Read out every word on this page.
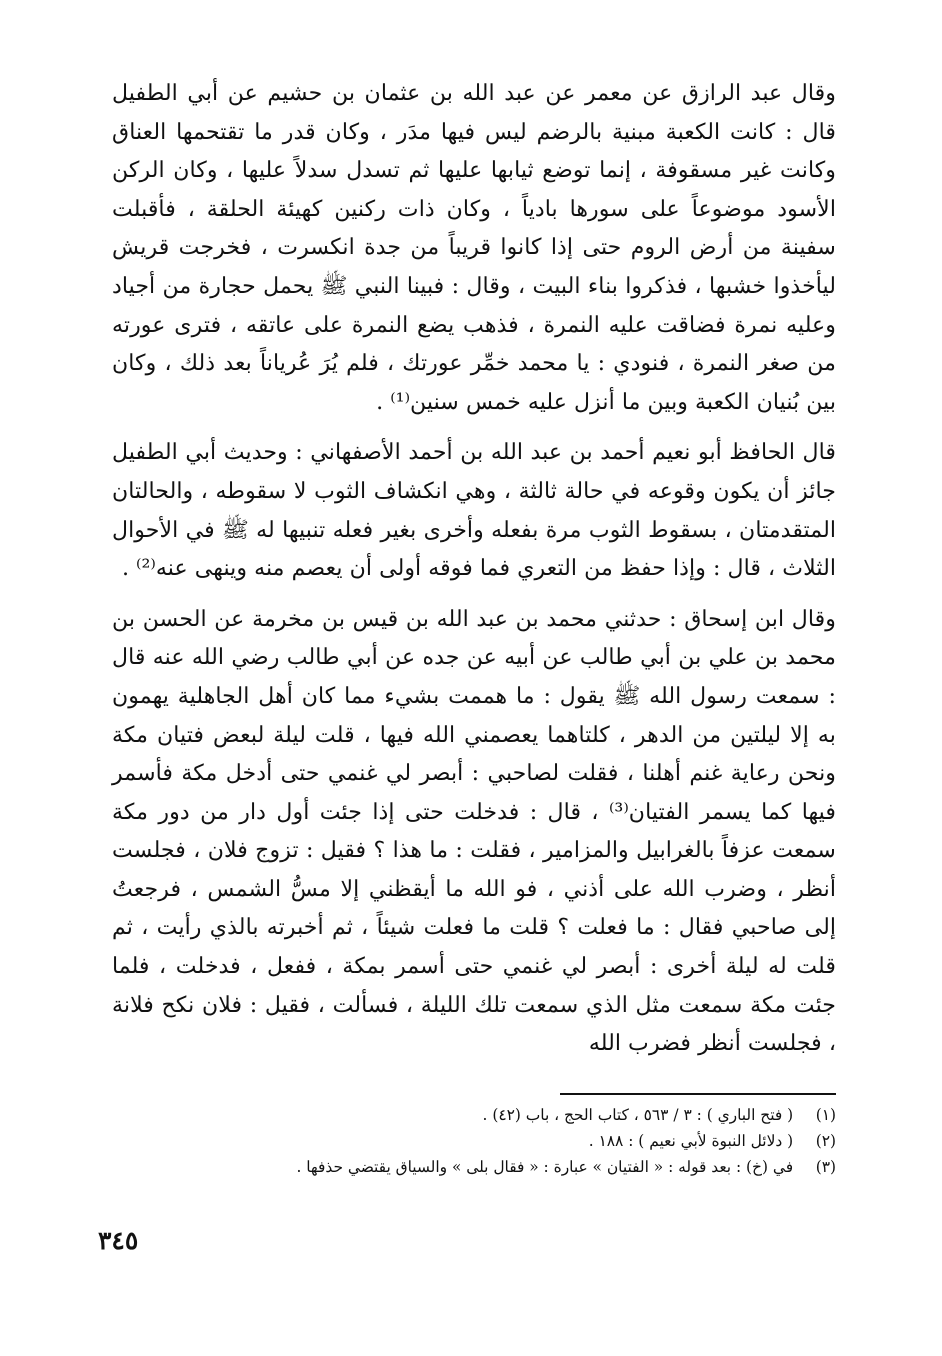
وقال عبد الرازق عن معمر عن عبد الله بن عثمان بن حشيم عن أبي الطفيل قال : كانت الكعبة مبنية بالرضم ليس فيها مدَر ، وكان قدر ما تقتحمها العناق وكانت غير مسقوفة ، إنما توضع ثيابها عليها ثم تسدل سدلاً عليها ، وكان الركن الأسود موضوعاً على سورها بادياً ، وكان ذات ركنين كهيئة الحلقة ، فأقبلت سفينة من أرض الروم حتى إذا كانوا قريباً من جدة انكسرت ، فخرجت قريش ليأخذوا خشبها ، فذكروا بناء البيت ، وقال : فبينا النبي ﷺ يحمل حجارة من أجياد وعليه نمرة فضاقت عليه النمرة ، فذهب يضع النمرة على عاتقه ، فترى عورته من صغر النمرة ، فنودي : يا محمد خمِّر عورتك ، فلم يُرَ عُرياناً بعد ذلك ، وكان بين بُنيان الكعبة وبين ما أنزل عليه خمس سنين⁽¹⁾ .

قال الحافظ أبو نعيم أحمد بن عبد الله بن أحمد الأصفهاني : وحديث أبي الطفيل جائز أن يكون وقوعه في حالة ثالثة ، وهي انكشاف الثوب لا سقوطه ، والحالتان المتقدمتان ، بسقوط الثوب مرة بفعله وأخرى بغير فعله تنبيها له ﷺ في الأحوال الثلاث ، قال : وإذا حفظ من التعري فما فوقه أولى أن يعصم منه وينهى عنه⁽²⁾ .

وقال ابن إسحاق : حدثني محمد بن عبد الله بن قيس بن مخرمة عن الحسن بن محمد بن علي بن أبي طالب عن أبيه عن جده عن أبي طالب رضي الله عنه قال : سمعت رسول الله ﷺ يقول : ما هممت بشيء مما كان أهل الجاهلية يهمون به إلا ليلتين من الدهر ، كلتاهما يعصمني الله فيها ، قلت ليلة لبعض فتيان مكة ونحن رعاية غنم أهلنا ، فقلت لصاحبي : أبصر لي غنمي حتى أدخل مكة فأسمر فيها كما يسمر الفتيان⁽³⁾ ، قال : فدخلت حتى إذا جئت أول دار من دور مكة سمعت عزفاً بالغرابيل والمزامير ، فقلت : ما هذا ؟ فقيل : تزوج فلان ، فجلست أنظر ، وضرب الله على أذني ، فو الله ما أيقظني إلا مسُّ الشمس ، فرجعتُ إلى صاحبي فقال : ما فعلت ؟ قلت ما فعلت شيئاً ، ثم أخبرته بالذي رأيت ، ثم قلت له ليلة أخرى : أبصر لي غنمي حتى أسمر بمكة ، ففعل ، فدخلت ، فلما جئت مكة سمعت مثل الذي سمعت تلك الليلة ، فسألت ، فقيل : فلان نكح فلانة ، فجلست أنظر فضرب الله

(١) ( فتح الباري ) : ٣ / ٥٦٣ ، كتاب الحج ، باب (٤٢) .

(٢) ( دلائل النبوة لأبي نعيم ) : ١٨٨ .

(٣) في (خ) : بعد قوله : « الفتيان » عبارة : « فقال بلى » والسياق يقتضي حذفها .

٣٤٥
